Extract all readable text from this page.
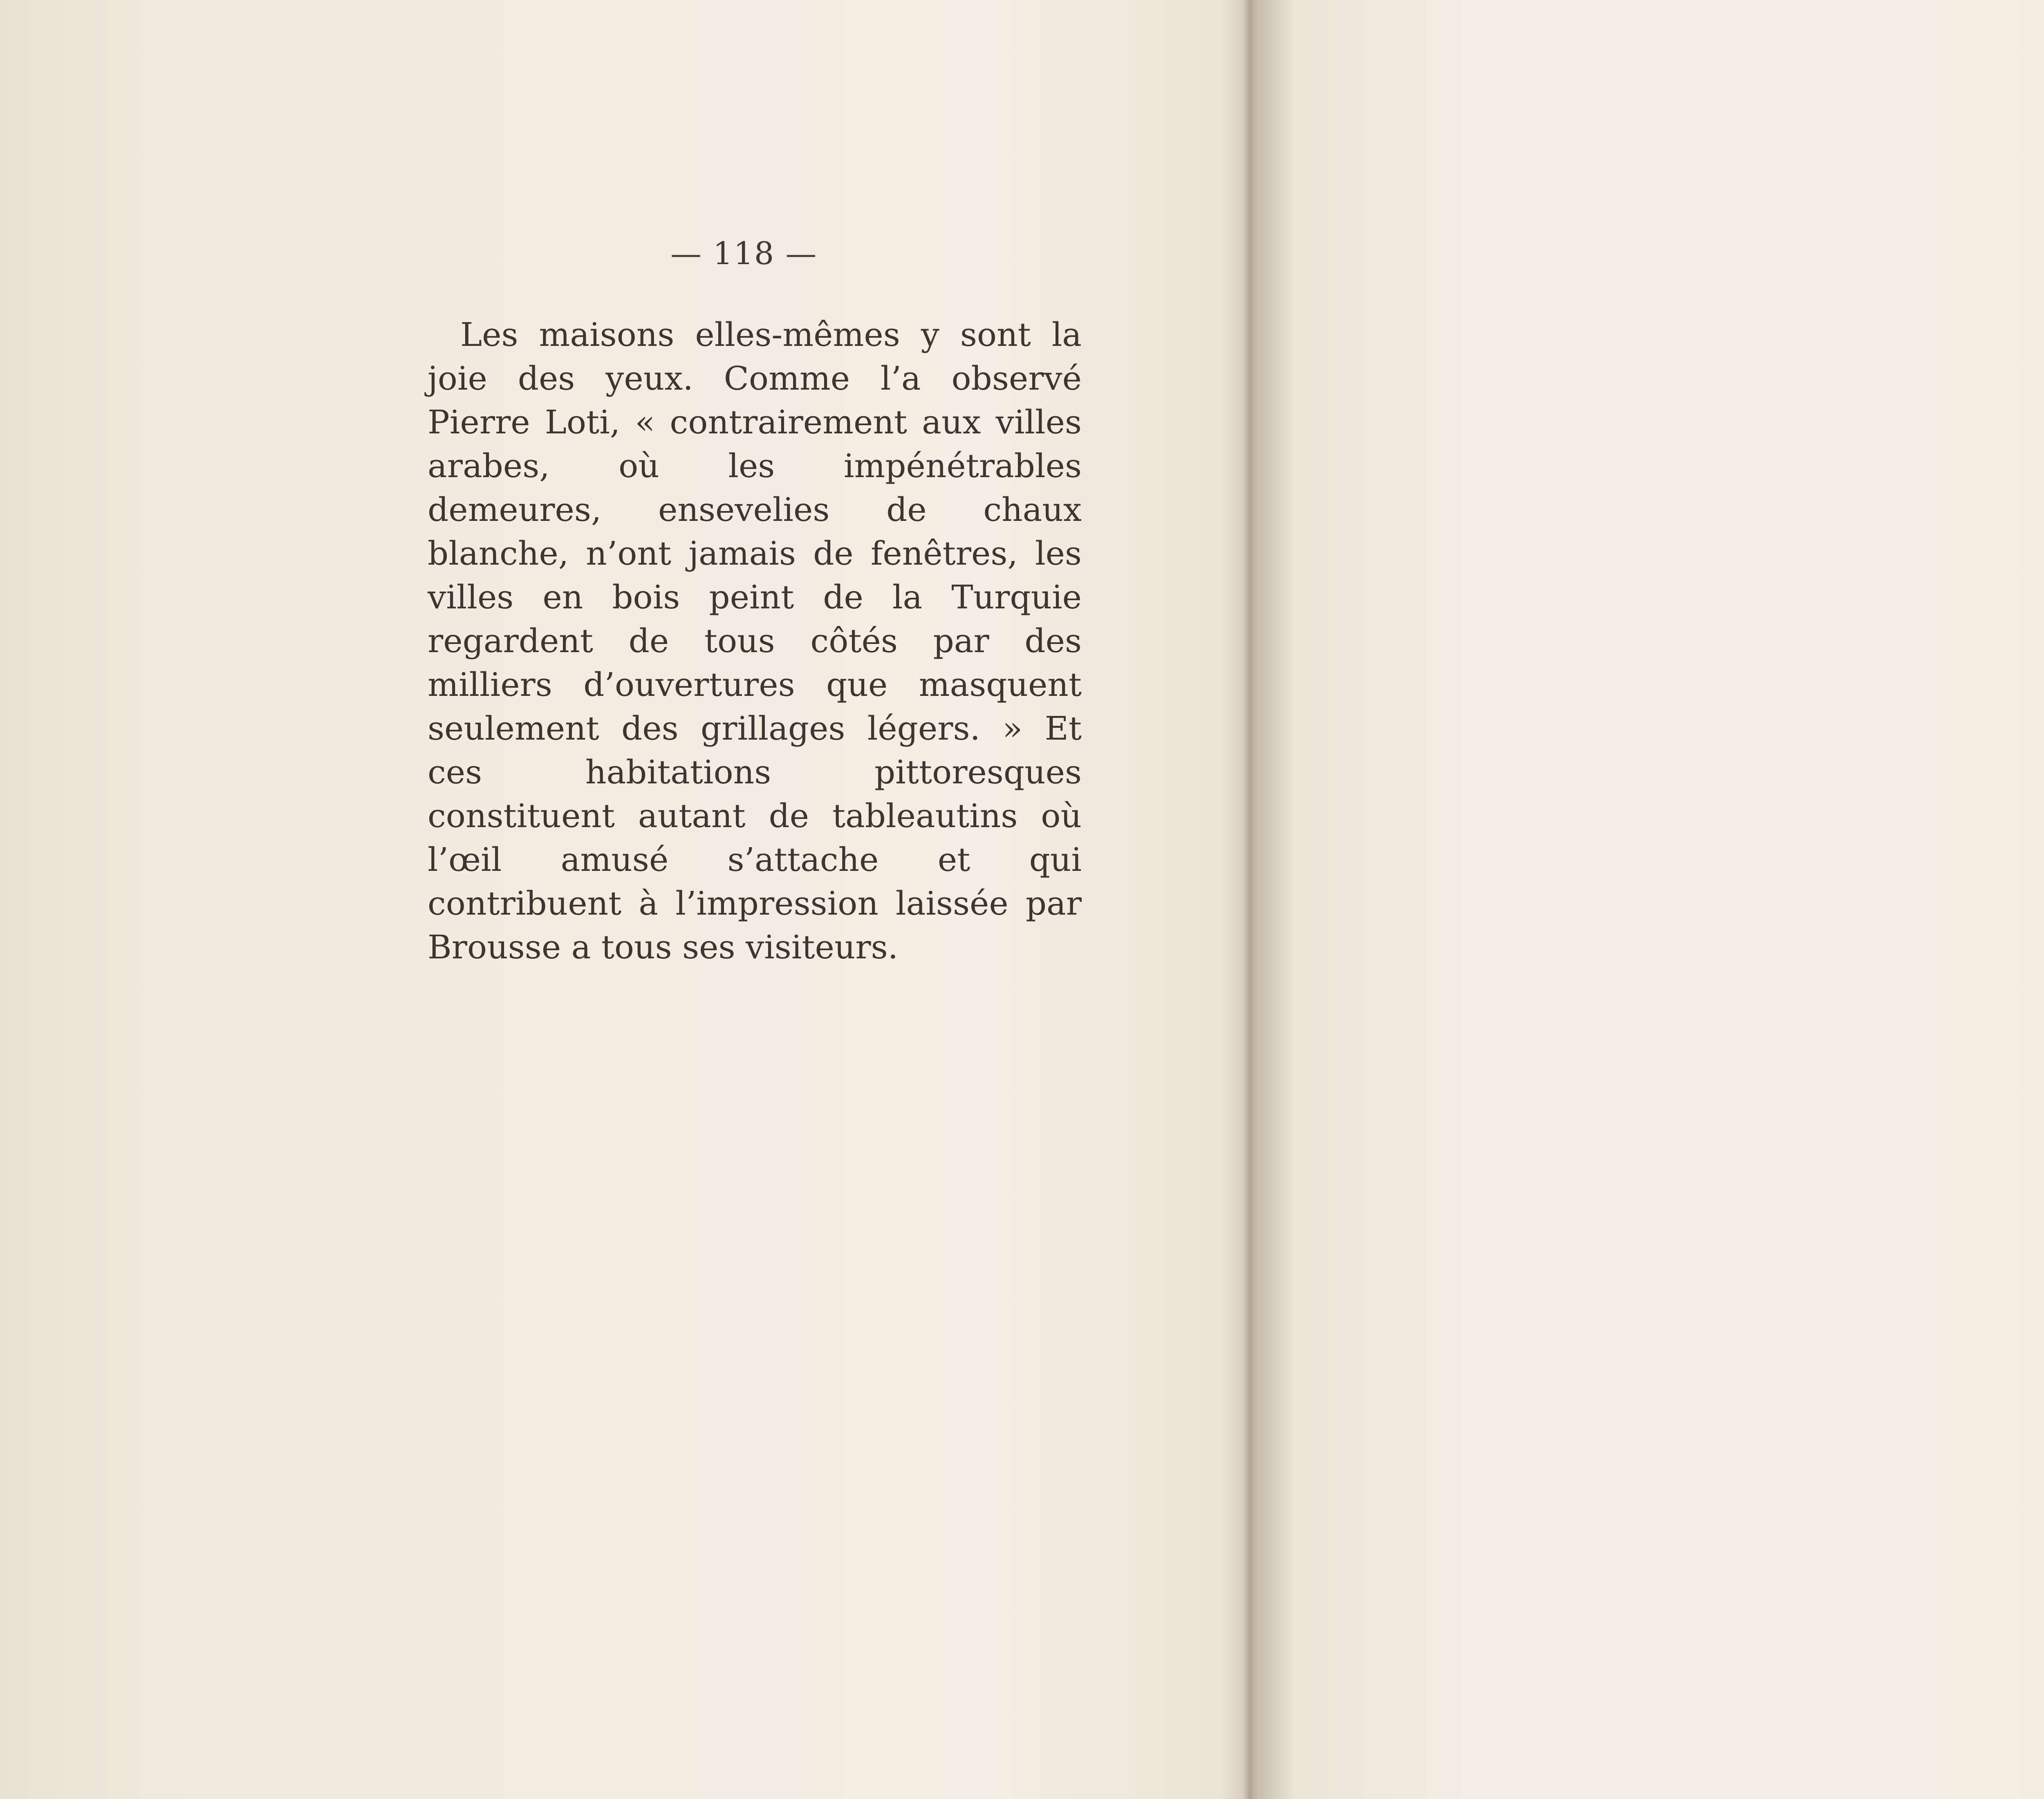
— 118 —

Les maisons elles-mêmes y sont la joie des yeux. Comme l’a observé Pierre Loti, « contrairement aux villes arabes, où les impénétrables demeures, ensevelies de chaux blanche, n’ont jamais de fenêtres, les villes en bois peint de la Turquie regardent de tous côtés par des milliers d’ouvertures que masquent seulement des grillages légers. » Et ces habitations pittoresques constituent autant de tableautins où l’œil amusé s’attache et qui contribuent à l’impression laissée par Brousse a tous ses visiteurs.
